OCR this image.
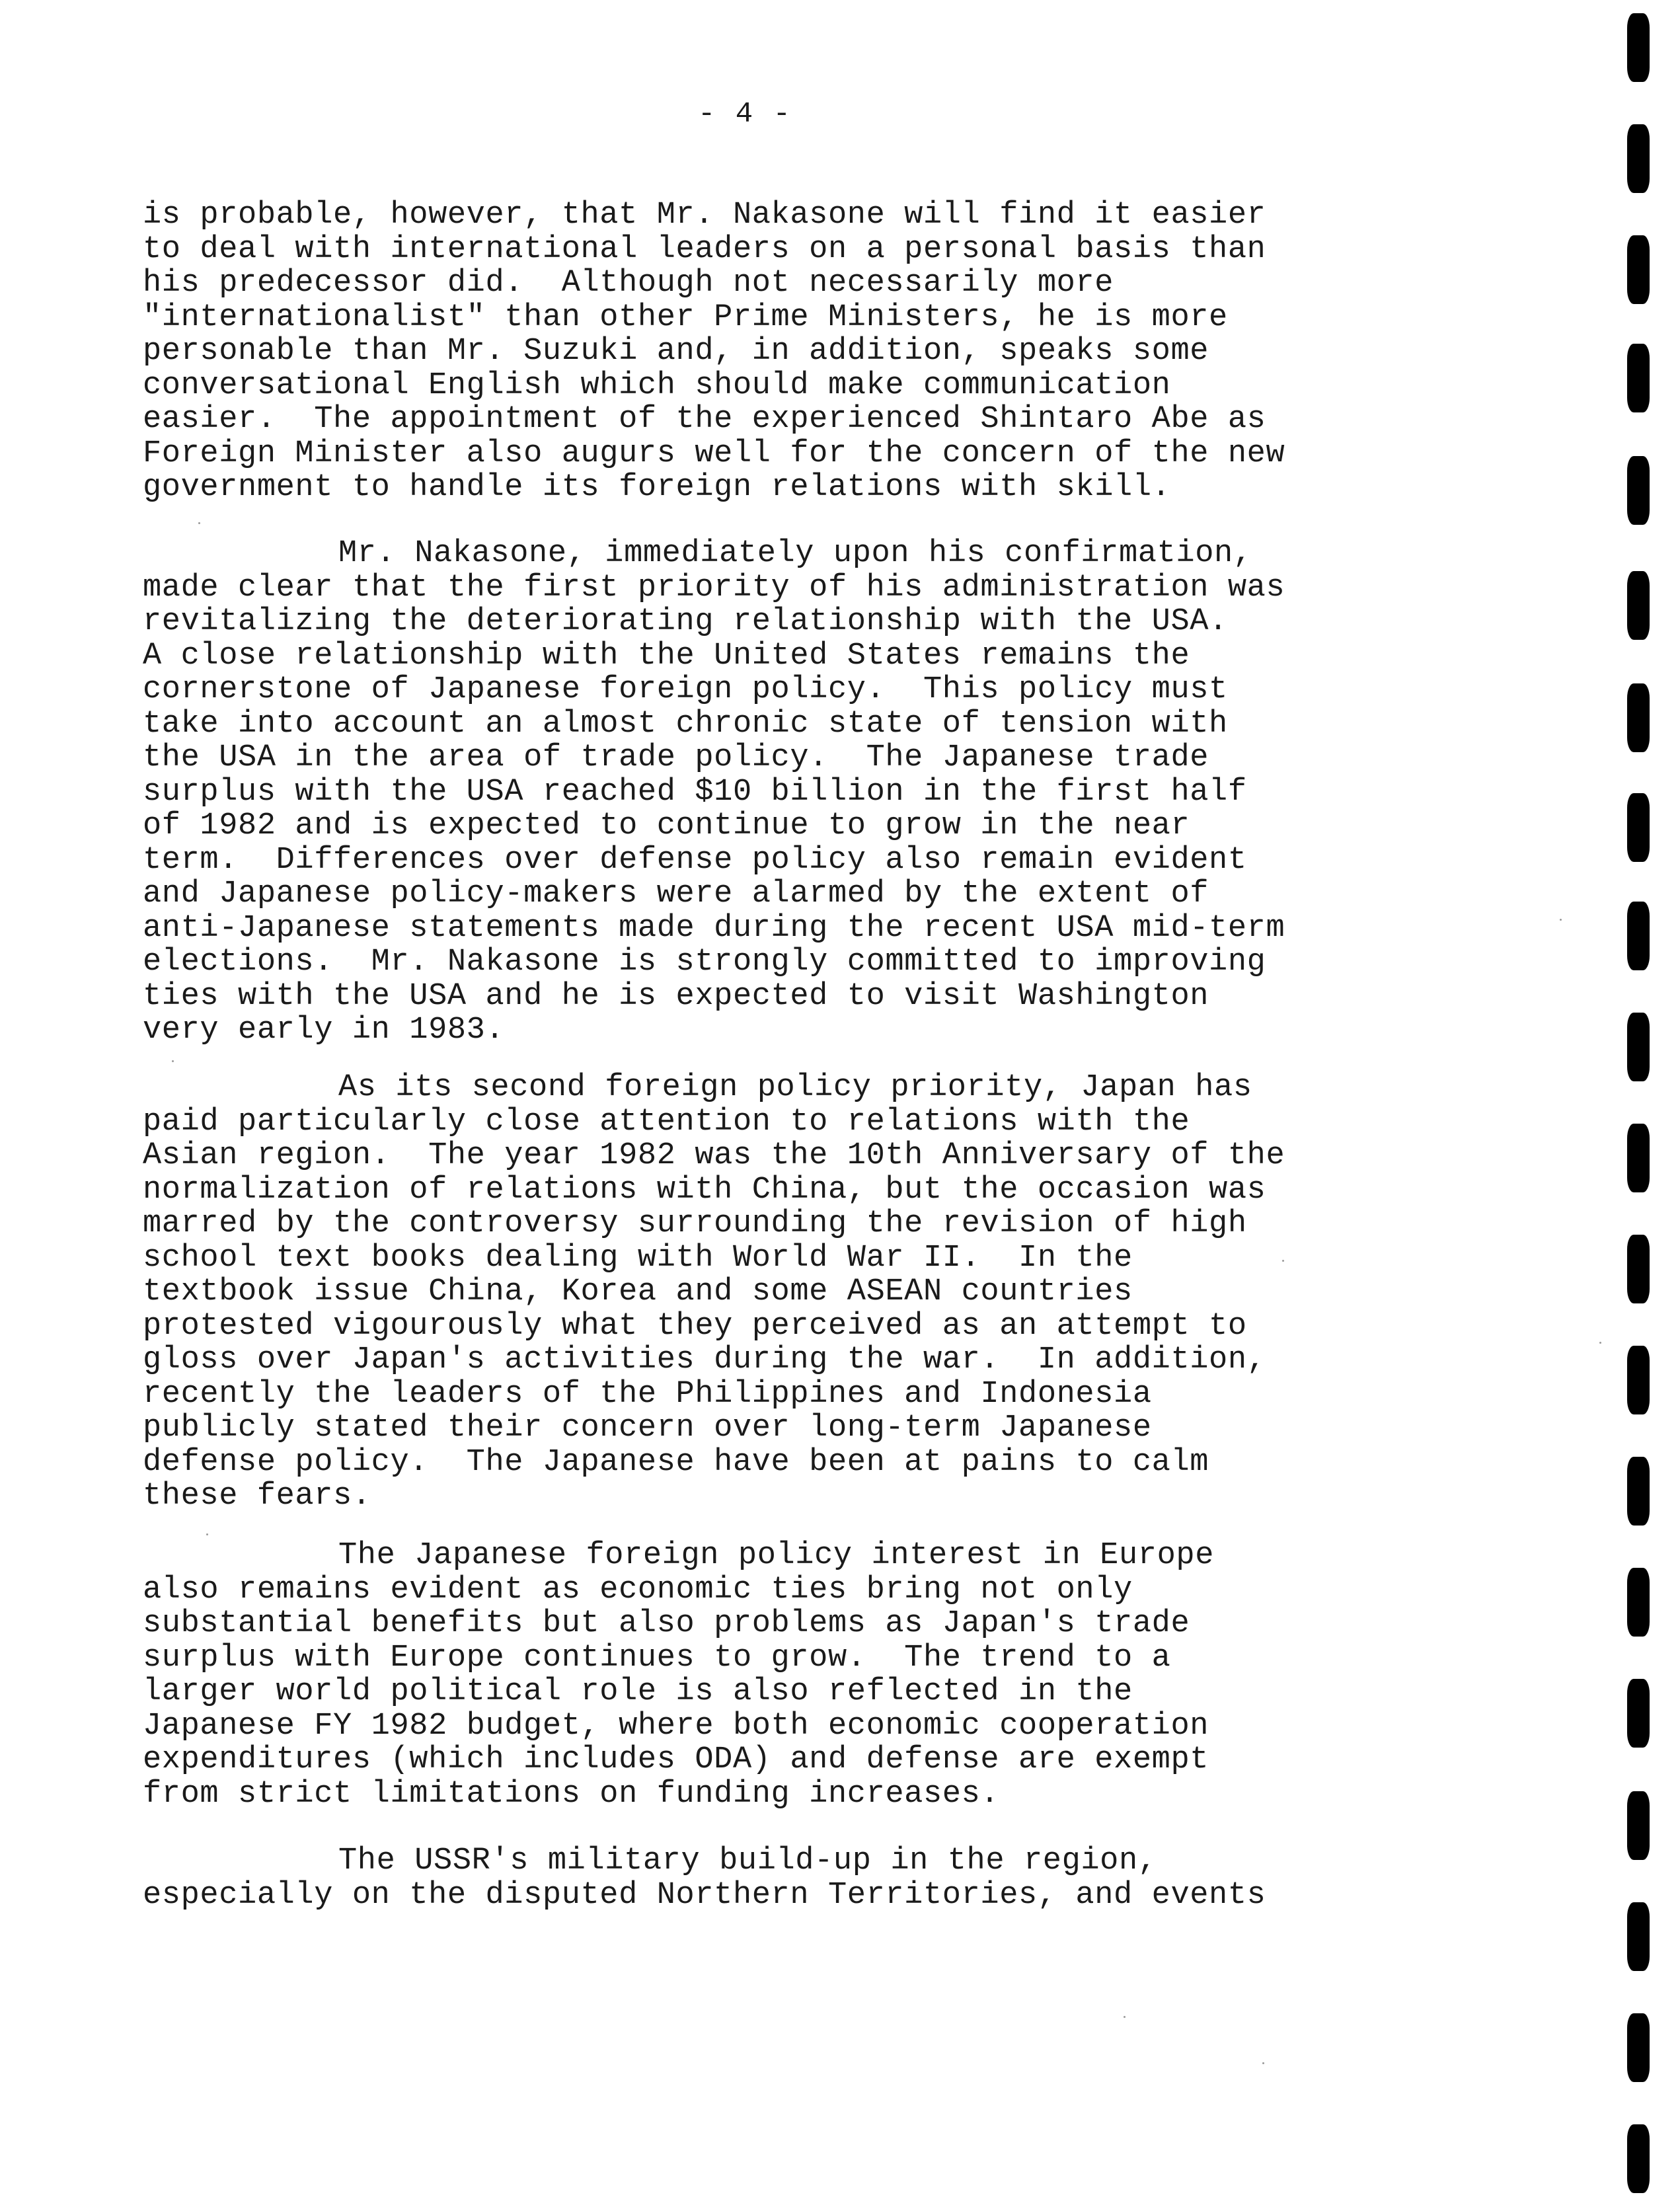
- 4 -
is probable, however, that Mr. Nakasone will find it easier
to deal with international leaders on a personal basis than
his predecessor did.  Although not necessarily more
"internationalist" than other Prime Ministers, he is more
personable than Mr. Suzuki and, in addition, speaks some
conversational English which should make communication
easier.  The appointment of the experienced Shintaro Abe as
Foreign Minister also augurs well for the concern of the new
government to handle its foreign relations with skill.
Mr. Nakasone, immediately upon his confirmation,
made clear that the first priority of his administration was
revitalizing the deteriorating relationship with the USA.
A close relationship with the United States remains the
cornerstone of Japanese foreign policy.  This policy must
take into account an almost chronic state of tension with
the USA in the area of trade policy.  The Japanese trade
surplus with the USA reached $10 billion in the first half
of 1982 and is expected to continue to grow in the near
term.  Differences over defense policy also remain evident
and Japanese policy-makers were alarmed by the extent of
anti-Japanese statements made during the recent USA mid-term
elections.  Mr. Nakasone is strongly committed to improving
ties with the USA and he is expected to visit Washington
very early in 1983.
As its second foreign policy priority, Japan has
paid particularly close attention to relations with the
Asian region.  The year 1982 was the 10th Anniversary of the
normalization of relations with China, but the occasion was
marred by the controversy surrounding the revision of high
school text books dealing with World War II.  In the
textbook issue China, Korea and some ASEAN countries
protested vigourously what they perceived as an attempt to
gloss over Japan's activities during the war.  In addition,
recently the leaders of the Philippines and Indonesia
publicly stated their concern over long-term Japanese
defense policy.  The Japanese have been at pains to calm
these fears.
The Japanese foreign policy interest in Europe
also remains evident as economic ties bring not only
substantial benefits but also problems as Japan's trade
surplus with Europe continues to grow.  The trend to a
larger world political role is also reflected in the
Japanese FY 1982 budget, where both economic cooperation
expenditures (which includes ODA) and defense are exempt
from strict limitations on funding increases.
The USSR's military build-up in the region,
especially on the disputed Northern Territories, and events
